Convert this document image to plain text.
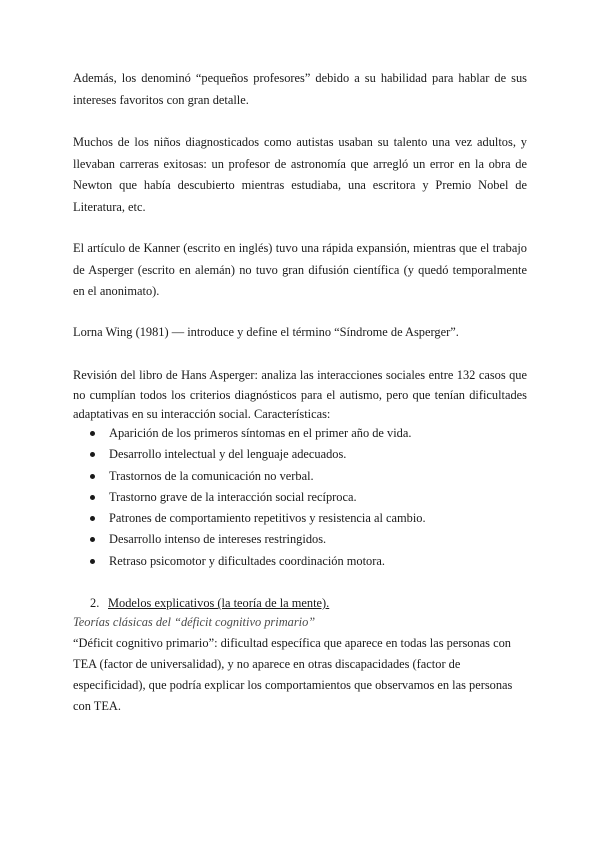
Además, los denominó “pequeños profesores” debido a su habilidad para hablar de sus intereses favoritos con gran detalle.

Muchos de los niños diagnosticados como autistas usaban su talento una vez adultos, y llevaban carreras exitosas: un profesor de astronomía que arregló un error en la obra de Newton que había descubierto mientras estudiaba, una escritora y Premio Nobel de Literatura, etc.

El artículo de Kanner (escrito en inglés) tuvo una rápida expansión, mientras que el trabajo de Asperger (escrito en alemán) no tuvo gran difusión científica (y quedó temporalmente en el anonimato).

Lorna Wing (1981) — introduce y define el término “Síndrome de Asperger”.

Revisión del libro de Hans Asperger: analiza las interacciones sociales entre 132 casos que no cumplían todos los criterios diagnósticos para el autismo, pero que tenían dificultades adaptativas en su interacción social. Características:

Aparición de los primeros síntomas en el primer año de vida.
Desarrollo intelectual y del lenguaje adecuados.
Trastornos de la comunicación no verbal.
Trastorno grave de la interacción social recíproca.
Patrones de comportamiento repetitivos y resistencia al cambio.
Desarrollo intenso de intereses restringidos.
Retraso psicomotor y dificultades coordinación motora.
2. Modelos explicativos (la teoría de la mente).
Teorías clásicas del “déficit cognitivo primario”

“Déficit cognitivo primario”: dificultad específica que aparece en todas las personas con TEA (factor de universalidad), y no aparece en otras discapacidades (factor de especificidad), que podría explicar los comportamientos que observamos en las personas con TEA.
